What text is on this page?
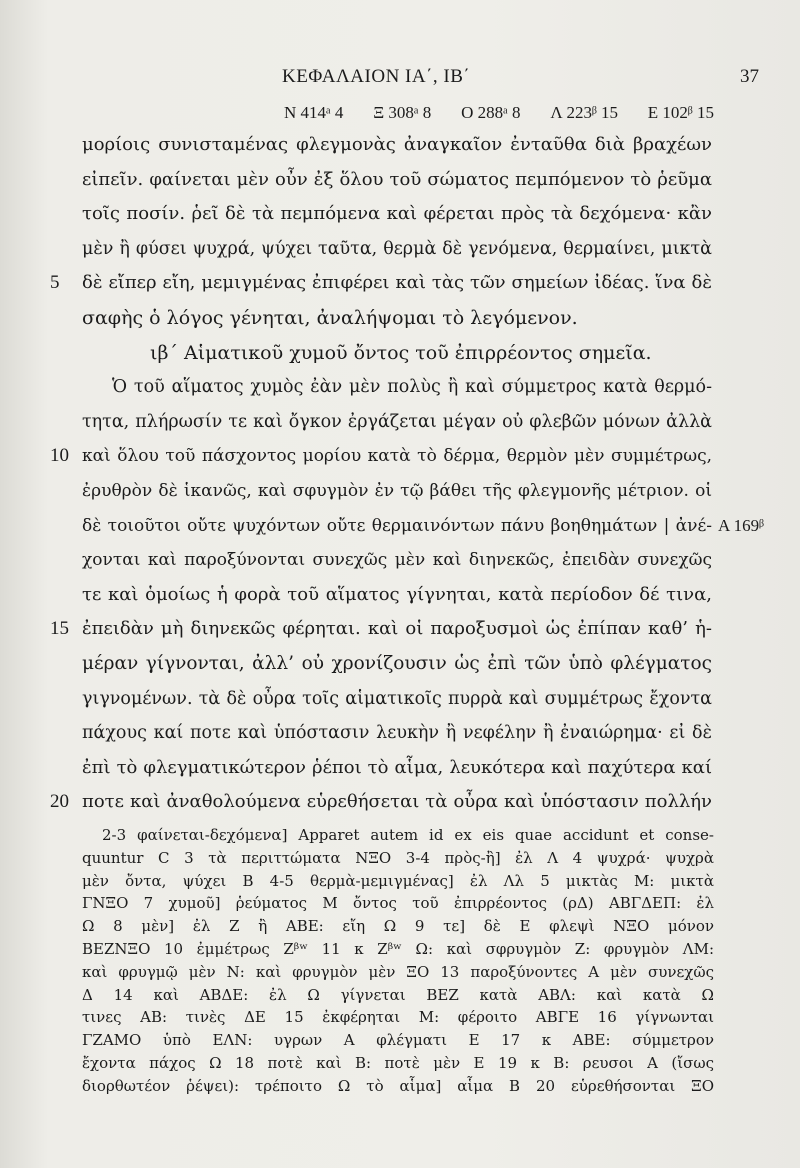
ΚΕΦΑΛΑΙΟΝ ΙΑ΄, ΙΒ΄	37
N 414ᵃ 4 Ξ 308ᵃ 8 O 288ᵃ 8 Λ 223ᵝ 15 E 102ᵝ 15
μορίοις συνισταμένας φλεγμονὰς ἀναγκαῖον ἐνταῦθα διὰ βραχέων
εἰπεῖν. φαίνεται μὲν οὖν ἐξ ὅλου τοῦ σώματος πεμπόμενον τὸ ῥεῦμα
τοῖς ποσίν. ῥεῖ δὲ τὰ πεμπόμενα καὶ φέρεται πρὸς τὰ δεχόμενα· κἂν
μὲν ἢ φύσει ψυχρά, ψύχει ταῦτα, θερμὰ δὲ γενόμενα, θερμαίνει, μικτὰ
δὲ εἴπερ εἴη, μεμιγμένας ἐπιφέρει καὶ τὰς τῶν σημείων ἰδέας. ἵνα δὲ
σαφὴς ὁ λόγος γένηται, ἀναλήψομαι τὸ λεγόμενον.
ιβ΄ Αἱματικοῦ χυμοῦ ὄντος τοῦ ἐπιρρέοντος σημεῖα.
Ὁ τοῦ αἵματος χυμὸς ἐὰν μὲν πολὺς ἢ καὶ σύμμετρος κατὰ θερμό-
τητα, πλήρωσίν τε καὶ ὄγκον ἐργάζεται μέγαν οὐ φλεβῶν μόνων ἀλλὰ
καὶ ὅλου τοῦ πάσχοντος μορίου κατὰ τὸ δέρμα, θερμὸν μὲν συμμέτρως,
ἐρυθρὸν δὲ ἱκανῶς, καὶ σφυγμὸν ἐν τῷ βάθει τῆς φλεγμονῆς μέτριον. οἱ
δὲ τοιοῦτοι οὔτε ψυχόντων οὔτε θερμαινόντων πάνυ βοηθημάτων | ἀνέ-
χονται καὶ παροξύνονται συνεχῶς μὲν καὶ διηνεκῶς, ἐπειδὰν συνεχῶς
τε καὶ ὁμοίως ἡ φορὰ τοῦ αἵματος γίγνηται, κατὰ περίοδον δέ τινα,
ἐπειδὰν μὴ διηνεκῶς φέρηται. καὶ οἱ παροξυσμοὶ ὡς ἐπίπαν καθ’ ἡ-
μέραν γίγνονται, ἀλλ’ οὐ χρονίζουσιν ὡς ἐπὶ τῶν ὑπὸ φλέγματος
γιγνομένων. τὰ δὲ οὖρα τοῖς αἱματικοῖς πυρρὰ καὶ συμμέτρως ἔχοντα
πάχους καί ποτε καὶ ὑπόστασιν λευκὴν ἢ νεφέλην ἢ ἐναιώρημα· εἰ δὲ
ἐπὶ τὸ φλεγματικώτερον ῥέποι τὸ αἷμα, λευκότερα καὶ παχύτερα καί
ποτε καὶ ἀναθολούμενα εὑρεθήσεται τὰ οὖρα καὶ ὑπόστασιν πολλήν
2-3 φαίνεται-δεχόμενα] Apparet autem id ex eis quae accidunt et conse-
quuntur C 3 τὰ περιττώματα ΝΞΟ 3-4 πρὸς-ἢ] ἐλ Λ 4 ψυχρά· ψυχρὰ
μὲν ὄντα, ψύχει Β 4-5 θερμὰ-μεμιγμένας] ἐλ Λλ 5 μικτὰς Μ: μικτὰ
ΓΝΞΟ 7 χυμοῦ] ῥεύματος Μ ὄντος τοῦ ἐπιρρέοντος (ρΔ) ΑΒΓΔΕΠ: ἐλ
Ω 8 μὲν] ἐλ Ζ ἢ ΑΒΕ: εἴη Ω 9 τε] δὲ Ε φλεψὶ ΝΞΟ μόνον
ΒΕΖΝΞΟ 10 ἐμμέτρως Ζᵝʷ 11 κ Ζᵝʷ Ω: καὶ σφρυγμὸν Ζ: φρυγμὸν ΛΜ:
καὶ φρυγμῷ μὲν Ν: καὶ φρυγμὸν μὲν ΞΟ 13 παροξύνοντες Α μὲν συνεχῶς
Δ 14 καὶ ΑΒΔΕ: ἐλ Ω γίγνεται ΒΕΖ κατὰ ΑΒΛ: καὶ κατὰ Ω
τινες ΑΒ: τινὲς ΔΕ 15 ἐκφέρηται Μ: φέροιτο ΑΒΓΕ 16 γίγνωνται
ΓΖΑΜΟ ὑπὸ ΕΛΝ: υγρων Α φλέγματι Ε 17 κ ΑΒΕ: σύμμετρον
ἔχοντα πάχος Ω 18 ποτὲ καὶ Β: ποτὲ μὲν Ε 19 κ Β: ρευσοι Α (ἴσως
διορθωτέον ῥέψει): τρέποιτο Ω τὸ αἷμα] αἷμα Β 20 εὑρεθήσονται ΞΟ
5
10
A 169ᵝ
15
20
